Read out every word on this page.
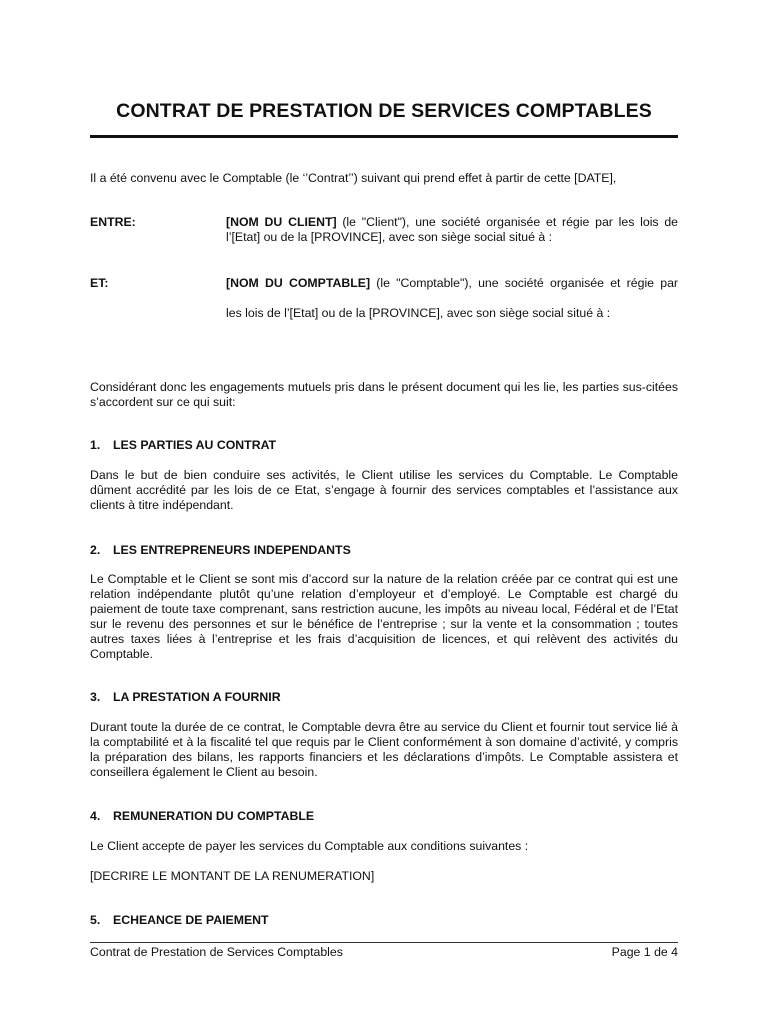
CONTRAT DE PRESTATION DE SERVICES COMPTABLES
Il a été convenu avec le Comptable (le ‘’Contrat’’) suivant qui prend effet à partir de cette [DATE],
ENTRE:	[NOM DU CLIENT] (le "Client"), une société organisée et régie par les lois de
l’[Etat] ou de la [PROVINCE], avec son siège social situé à :
ET:	[NOM DU COMPTABLE] (le "Comptable"), une société organisée et régie par
les lois de l’[Etat] ou de la [PROVINCE], avec son siège social situé à :
Considérant donc les engagements mutuels pris dans le présent document qui les lie, les parties sus-citées s’accordent sur ce qui suit:
1. LES PARTIES AU CONTRAT
Dans le but de bien conduire ses activités, le Client utilise les services du Comptable. Le Comptable dûment accrédité par les lois de ce Etat, s’engage à fournir des services comptables et l’assistance aux clients à titre indépendant.
2. LES ENTREPRENEURS INDEPENDANTS
Le Comptable et le Client se sont mis d’accord sur la nature de la relation créée par ce contrat qui est une relation indépendante plutôt qu’une relation d’employeur et d’employé. Le Comptable est chargé du paiement de toute taxe comprenant, sans restriction aucune, les impôts au niveau local, Fédéral et de l’Etat sur le revenu des personnes et sur le bénéfice de l’entreprise ; sur la vente et la consommation ; toutes autres taxes liées à l’entreprise et les frais d’acquisition de licences, et qui relèvent des activités du Comptable.
3. LA PRESTATION A FOURNIR
Durant toute la durée de ce contrat, le Comptable devra être au service du Client et fournir tout service lié à la comptabilité et à la fiscalité tel que requis par le Client conformément à son domaine d’activité, y compris la préparation des bilans, les rapports financiers et les déclarations d’impôts. Le Comptable assistera et conseillera également le Client au besoin.
4. REMUNERATION DU COMPTABLE
Le Client accepte de payer les services du Comptable aux conditions suivantes :
[DECRIRE LE MONTANT DE LA RENUMERATION]
5. ECHEANCE DE PAIEMENT
Contrat de Prestation de Services Comptables	Page 1 de 4
